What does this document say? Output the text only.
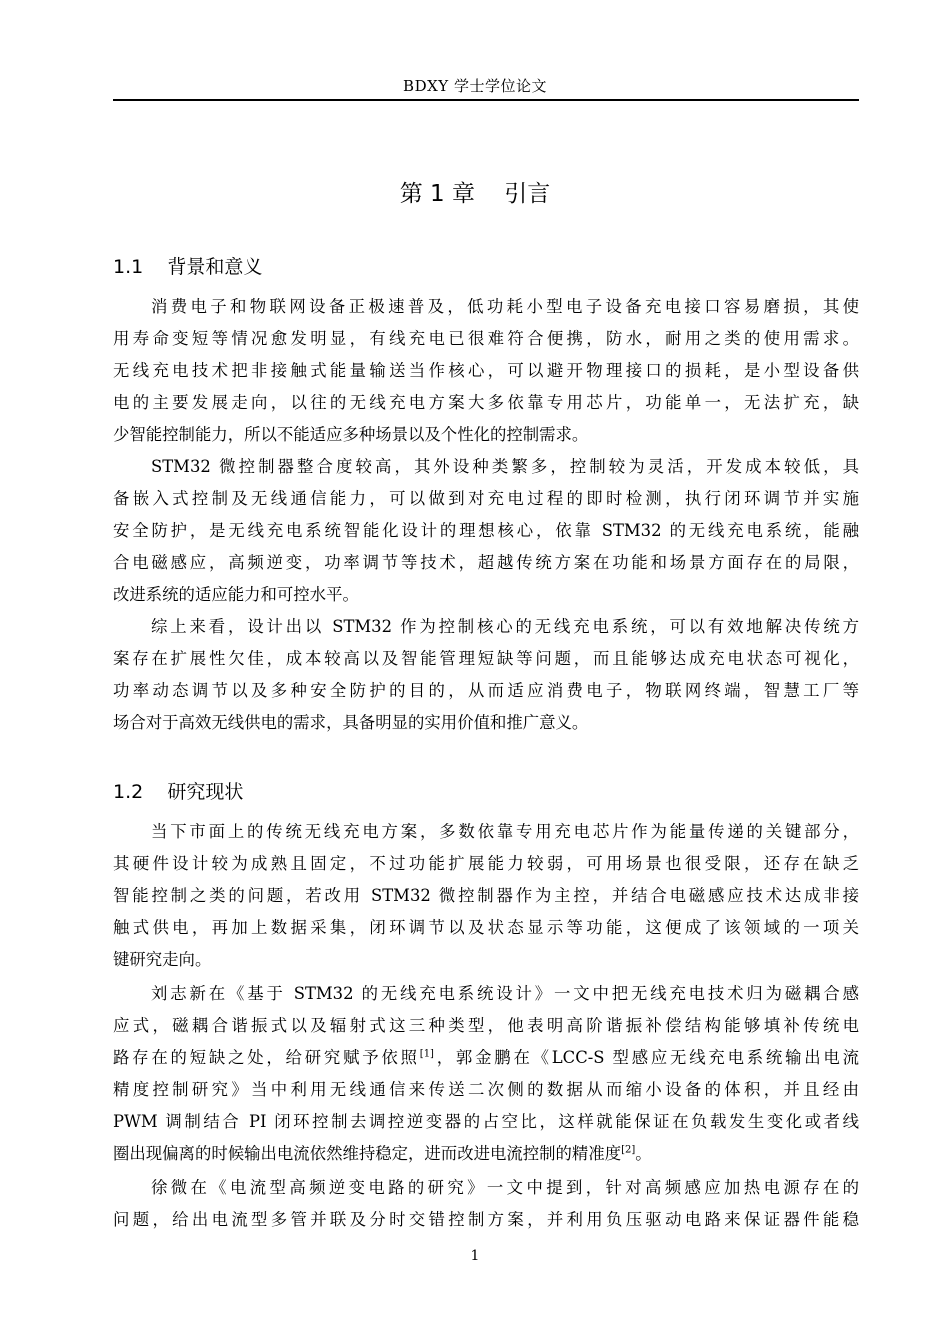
BDXY 学士学位论文
第 1 章    引言
1.1    背景和意义
消费电子和物联网设备正极速普及，低功耗小型电子设备充电接口容易磨损，其使
用寿命变短等情况愈发明显，有线充电已很难符合便携，防水，耐用之类的使用需求。
无线充电技术把非接触式能量输送当作核心，可以避开物理接口的损耗，是小型设备供
电的主要发展走向，以往的无线充电方案大多依靠专用芯片，功能单一，无法扩充，缺
少智能控制能力，所以不能适应多种场景以及个性化的控制需求。
STM32 微控制器整合度较高，其外设种类繁多，控制较为灵活，开发成本较低，具
备嵌入式控制及无线通信能力，可以做到对充电过程的即时检测，执行闭环调节并实施
安全防护，是无线充电系统智能化设计的理想核心，依靠 STM32 的无线充电系统，能融
合电磁感应，高频逆变，功率调节等技术，超越传统方案在功能和场景方面存在的局限，
改进系统的适应能力和可控水平。
综上来看，设计出以 STM32 作为控制核心的无线充电系统，可以有效地解决传统方
案存在扩展性欠佳，成本较高以及智能管理短缺等问题，而且能够达成充电状态可视化，
功率动态调节以及多种安全防护的目的，从而适应消费电子，物联网终端，智慧工厂等
场合对于高效无线供电的需求，具备明显的实用价值和推广意义。
1.2    研究现状
当下市面上的传统无线充电方案，多数依靠专用充电芯片作为能量传递的关键部分，
其硬件设计较为成熟且固定，不过功能扩展能力较弱，可用场景也很受限，还存在缺乏
智能控制之类的问题，若改用 STM32 微控制器作为主控，并结合电磁感应技术达成非接
触式供电，再加上数据采集，闭环调节以及状态显示等功能，这便成了该领域的一项关
键研究走向。
刘志新在《基于 STM32 的无线充电系统设计》一文中把无线充电技术归为磁耦合感
应式，磁耦合谐振式以及辐射式这三种类型，他表明高阶谐振补偿结构能够填补传统电
路存在的短缺之处，给研究赋予依照[1]，郭金鹏在《LCC-S 型感应无线充电系统输出电流
精度控制研究》当中利用无线通信来传送二次侧的数据从而缩小设备的体积，并且经由
PWM 调制结合 PI 闭环控制去调控逆变器的占空比，这样就能保证在负载发生变化或者线
圈出现偏离的时候输出电流依然维持稳定，进而改进电流控制的精准度[2]。
徐微在《电流型高频逆变电路的研究》一文中提到，针对高频感应加热电源存在的
问题，给出电流型多管并联及分时交错控制方案，并利用负压驱动电路来保证器件能稳
1
